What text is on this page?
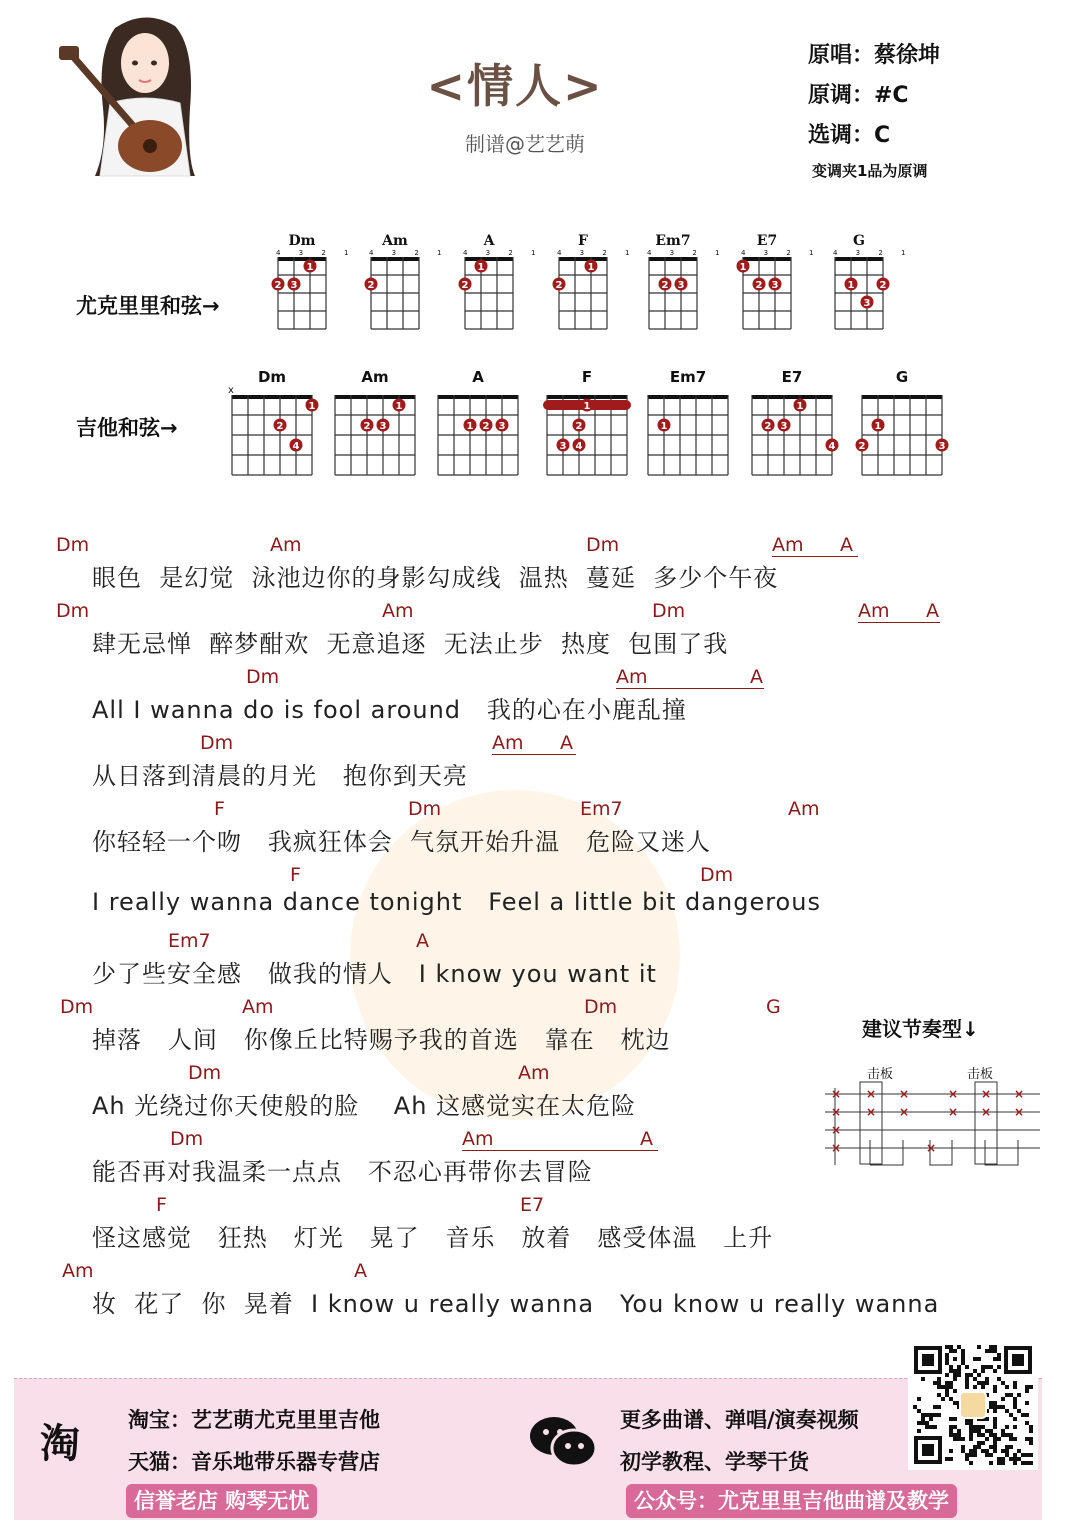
<情人>
制谱@艺艺萌
原唱：蔡徐坤
原调：#C
选调：C
变调夹1品为原调
尤克里里和弦→
吉他和弦→
Dm
4 3 2 1
2 3
1
Am
4 3 2 1
2
A
4 3 2 1
2
1
F
4 3 2 1
2
1
Em7
4 3 2 1
2 3
E7
4 3 2 1
1
2 3
G
4 3 2 1
1	2
3
Dm
x
1
2
4
Am
1
2 3
A
1 2 3
F
1
2
3 4
Em7
1
E7
1
2 3
4
G
1
2	3
Dm	Am	Dm	Am A
眼色  是幻觉  泳池边你的身影勾成线  温热  蔓延  多少个午夜
Dm	Am	Dm	Am A
肆无忌惮  醉梦酣欢  无意追逐  无法止步  热度  包围了我
Dm	Am	A
All I wanna do is fool around   我的心在小鹿乱撞
Dm	Am A
从日落到清晨的月光   抱你到天亮
F	Dm	Em7	Am
你轻轻一个吻   我疯狂体会  气氛开始升温   危险又迷人
F	Dm
I really wanna dance tonight   Feel a little bit dangerous
Em7	A
少了些安全感   做我的情人   I know you want it
Dm	Am	Dm	G
掉落   人间   你像丘比特赐予我的首选   靠在   枕边
Dm	Am
Ah 光绕过你天使般的脸    Ah 这感觉实在太危险
Dm	Am	A
能否再对我温柔一点点   不忍心再带你去冒险
F	E7
怪这感觉   狂热   灯光   晃了   音乐   放着   感受体温   上升
Am	A
妆  花了  你  晃着  I know u really wanna   You know u really wanna
建议节奏型↓
击板	击板
×
×
×
×
×
×
×
×
×
×
×
×
×
×
×
淘
淘宝：艺艺萌尤克里里吉他
天猫：音乐地带乐器专营店
信誉老店 购琴无忧
更多曲谱、弹唱/演奏视频
初学教程、学琴干货
公众号：尤克里里吉他曲谱及教学
